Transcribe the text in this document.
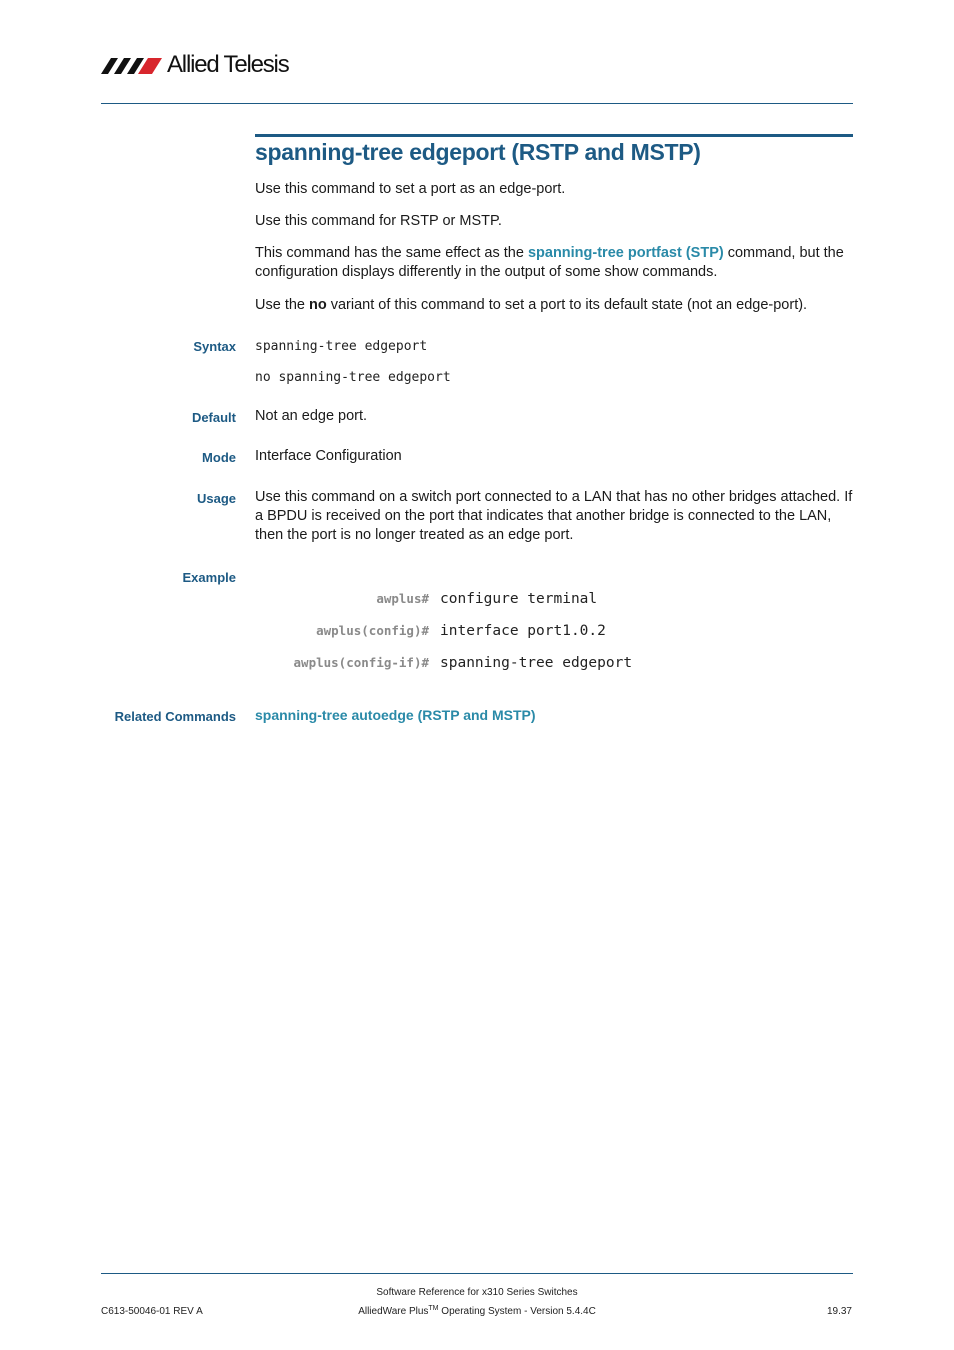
Allied Telesis
spanning-tree edgeport (RSTP and MSTP)

Use this command to set a port as an edge-port.

Use this command for RSTP or MSTP.

This command has the same effect as the spanning-tree portfast (STP) command, but the configuration displays differently in the output of some show commands.

Use the no variant of this command to set a port to its default state (not an edge-port).

Syntax spanning-tree edgeport
no spanning-tree edgeport
Default Not an edge port.

Mode Interface Configuration

Usage Use this command on a switch port connected to a LAN that has no other bridges attached. If a BPDU is received on the port that indicates that another bridge is connected to the LAN, then the port is no longer treated as an edge port.

Example
awplus# configure terminal
awplus(config)# interface port1.0.2
awplus(config-if)# spanning-tree edgeport
Related Commands spanning-tree autoedge (RSTP and MSTP)
Software Reference for x310 Series Switches
AlliedWare Plus™ Operating System - Version 5.4.4C
C613-50046-01 REV A	19.37
